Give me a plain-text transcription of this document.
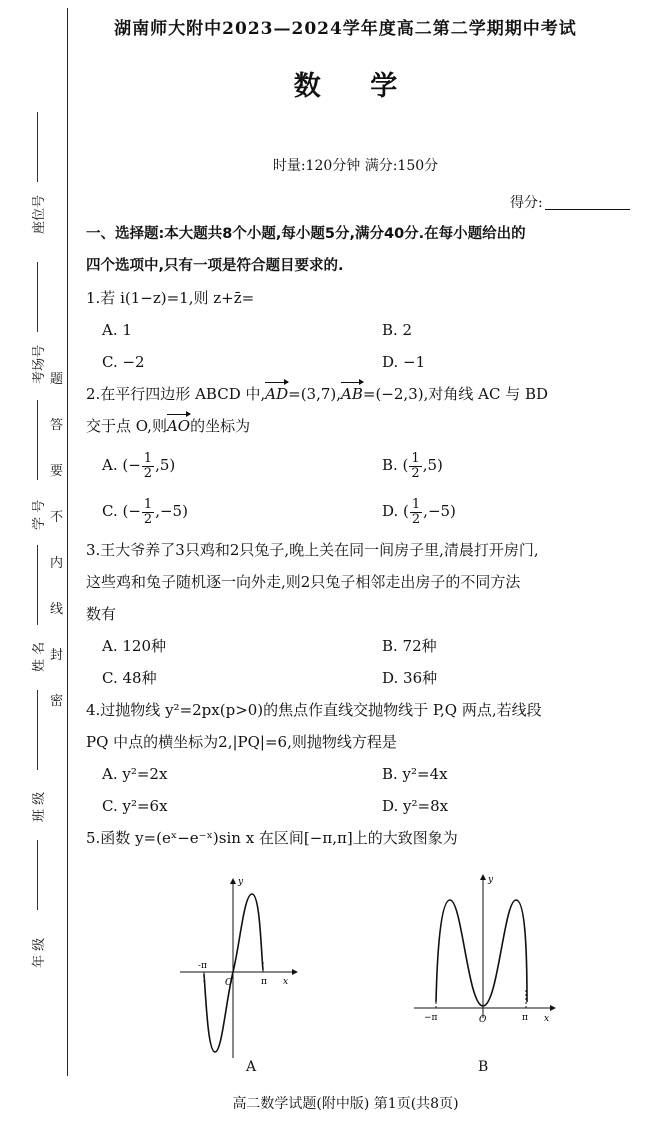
座位号
考场号
学 号
姓 名
班 级
年 级
题
答
要
不
内
线
封
密
湖南师大附中2023—2024学年度高二第二学期期中考试
数 学
时量:120分钟 满分:150分
得分:
一、选择题:本大题共8个小题,每小题5分,满分40分.在每小题给出的
四个选项中,只有一项是符合题目要求的.
1.若 i(1−z)=1,则 z+z̄=
A. 1	B. 2
C. −2	D. −1
2.在平行四边形 ABCD 中,AD=(3,7),AB=(−2,3),对角线 AC 与 BD
交于点 O,则AO的坐标为
A. (− $\frac{1}{2} ,5$)	B. ( $\frac{1}{2} ,5$)
C. (− $\frac{1}{2} ,-5$)	D. ( $\frac{1}{2} ,-5$)
3.王大爷养了3只鸡和2只兔子,晚上关在同一间房子里,清晨打开房门,
这些鸡和兔子随机逐一向外走,则2只兔子相邻走出房子的不同方法
数有
A. 120种	B. 72种
C. 48种	D. 36种
4.过抛物线 y²=2px(p>0)的焦点作直线交抛物线于 P,Q 两点,若线段
PQ 中点的横坐标为2,|PQ|=6,则抛物线方程是
A. y²=2x	B. y²=4x
C. y²=6x	D. y²=8x
5.函数 y=(eˣ−e⁻ˣ)sin x 在区间[−π,π]上的大致图象为
y
x
O
-π
π
A
y
x
O
−π	π
B
高二数学试题(附中版) 第1页(共8页)
